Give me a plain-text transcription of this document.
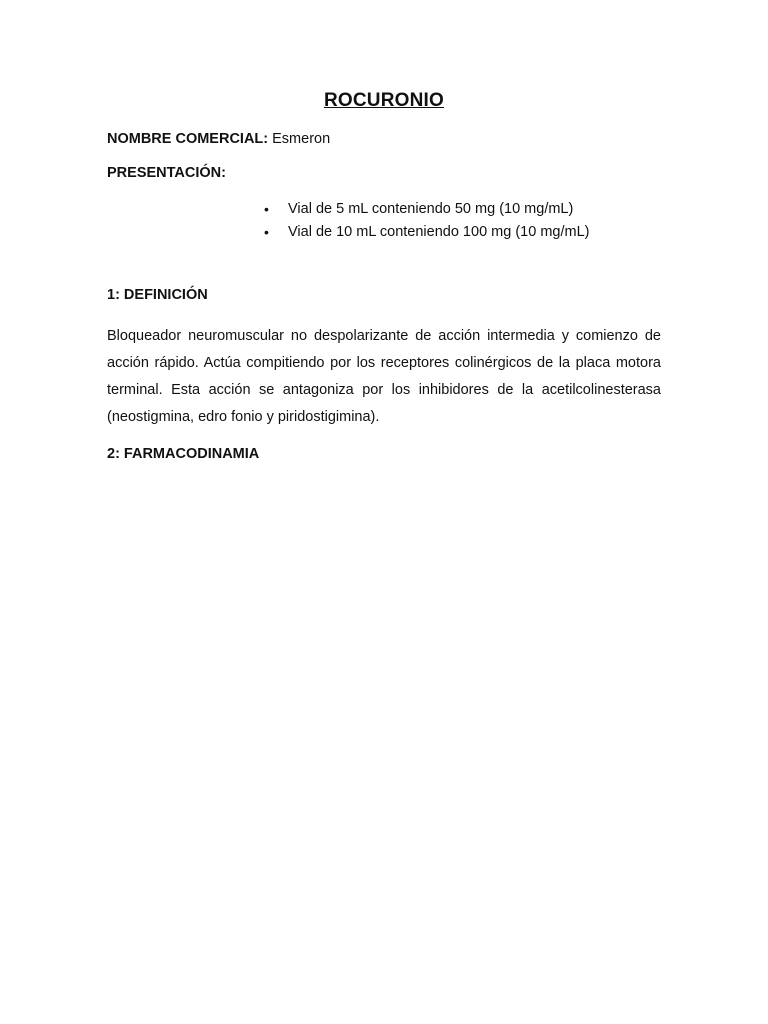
ROCURONIO
NOMBRE COMERCIAL: Esmeron
PRESENTACIÓN:
• Vial de 5 mL conteniendo 50 mg (10 mg/mL)
• Vial de 10 mL conteniendo 100 mg (10 mg/mL)
1: DEFINICIÓN

Bloqueador neuromuscular no despolarizante de acción intermedia y comienzo de acción rápido. Actúa compitiendo por los receptores colinérgicos de la placa motora terminal. Esta acción se antagoniza por los inhibidores de la acetilcolinesterasa (neostigmina, edro fonio y piridostigimina).

2: FARMACODINAMIA
